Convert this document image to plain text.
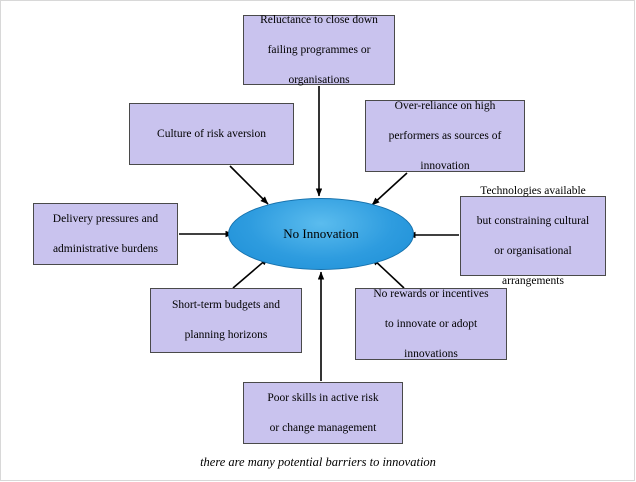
No Innovation
Reluctance to close down

failing programmes or

organisations
Culture of risk aversion
Over-reliance on high

performers as sources of

innovation
Delivery pressures and

administrative burdens
Technologies available

but constraining cultural

or organisational

arrangements
Short-term budgets and

planning horizons
No rewards or incentives

to innovate or adopt

innovations
Poor skills in active risk

or change management
there are many potential barriers to innovation
